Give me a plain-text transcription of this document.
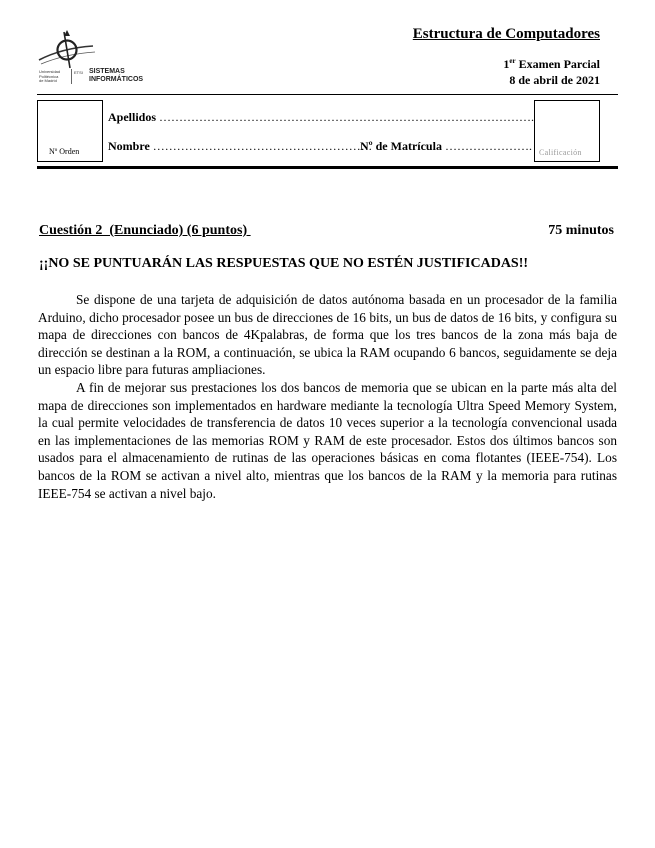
Universidad
Politécnica
de Madrid
ETSI SISTEMAS
INFORMÁTICOS
Estructura de Computadores
1er Examen Parcial
8 de abril de 2021
Nº Orden
Apellidos ………………………………………………………………………………….
Nombre ……………………………………………….
Nº de Matrícula …………………. Calificación
Cuestión 2  (Enunciado) (6 puntos)	75 minutos
¡¡NO SE PUNTUARÁN LAS RESPUESTAS QUE NO ESTÉN JUSTIFICADAS!!

Se dispone de una tarjeta de adquisición de datos autónoma basada en un procesador de la familia Arduino, dicho procesador posee un bus de direcciones de 16 bits, un bus de datos de 16 bits, y configura su mapa de direcciones con bancos de 4Kpalabras, de forma que los tres bancos de la zona más baja de dirección se destinan a la ROM, a continuación, se ubica la RAM ocupando 6 bancos, seguidamente se deja un espacio libre para futuras ampliaciones.

A fin de mejorar sus prestaciones los dos bancos de memoria que se ubican en la parte más alta del mapa de direcciones son implementados en hardware mediante la tecnología Ultra Speed Memory System, la cual permite velocidades de transferencia de datos 10 veces superior a la tecnología convencional usada en las implementaciones de las memorias ROM y RAM de este procesador. Estos dos últimos bancos son usados para el almacenamiento de rutinas de las operaciones básicas en coma flotantes (IEEE-754). Los bancos de la ROM se activan a nivel alto, mientras que los bancos de la RAM y la memoria para rutinas IEEE-754 se activan a nivel bajo.
